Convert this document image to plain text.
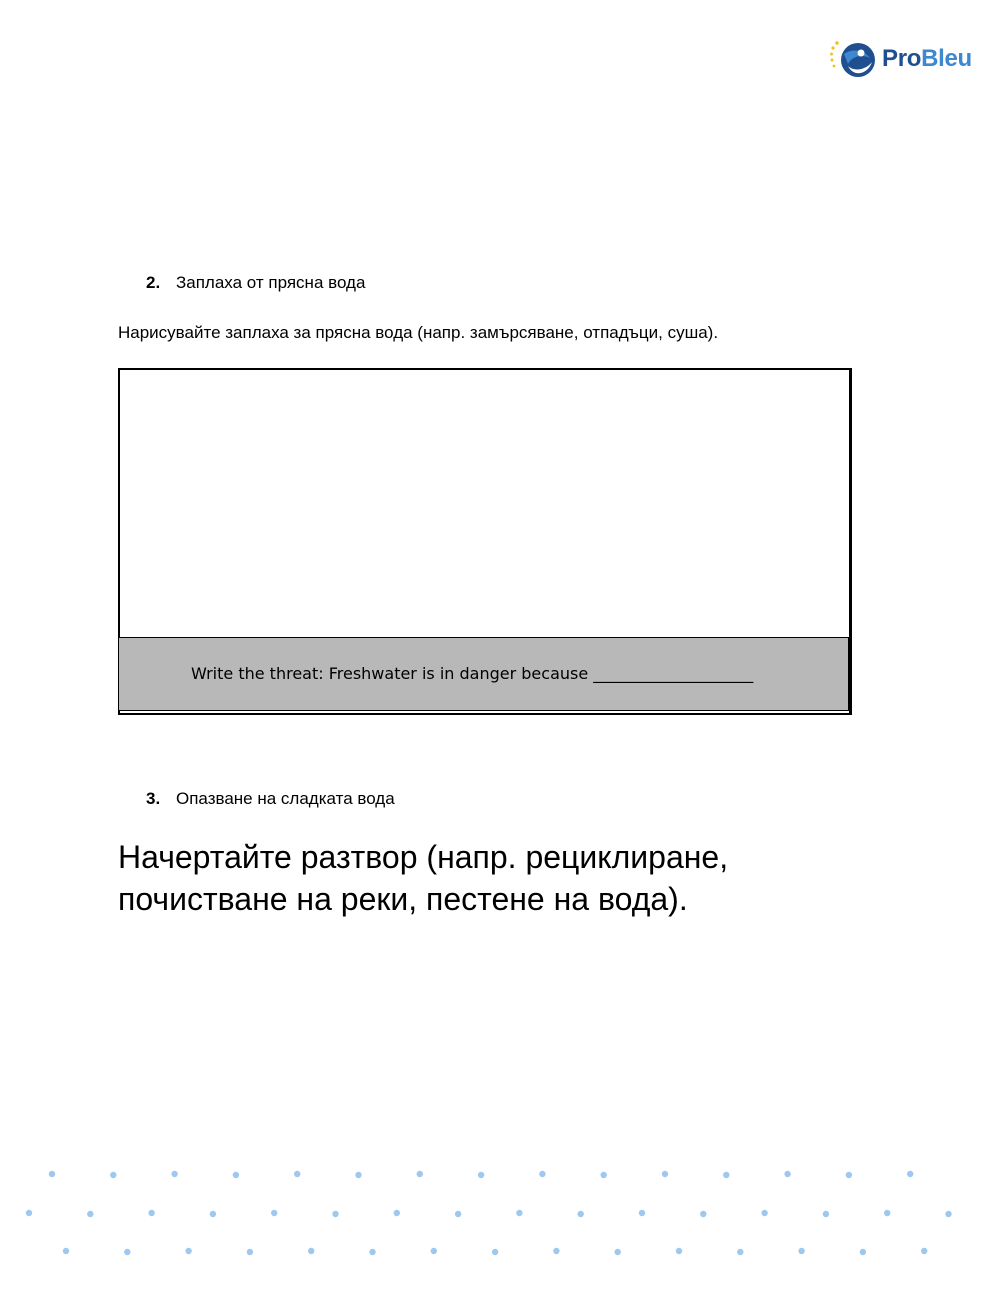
ProBleu
2. Заплаха от прясна вода
Нарисувайте заплаха за прясна вода (напр. замърсяване, отпадъци, суша).
Write the threat: Freshwater is in danger because ____________________
3. Опазване на сладката вода
Начертайте разтвор (напр. рециклиране,
почистване на реки, пестене на вода).
